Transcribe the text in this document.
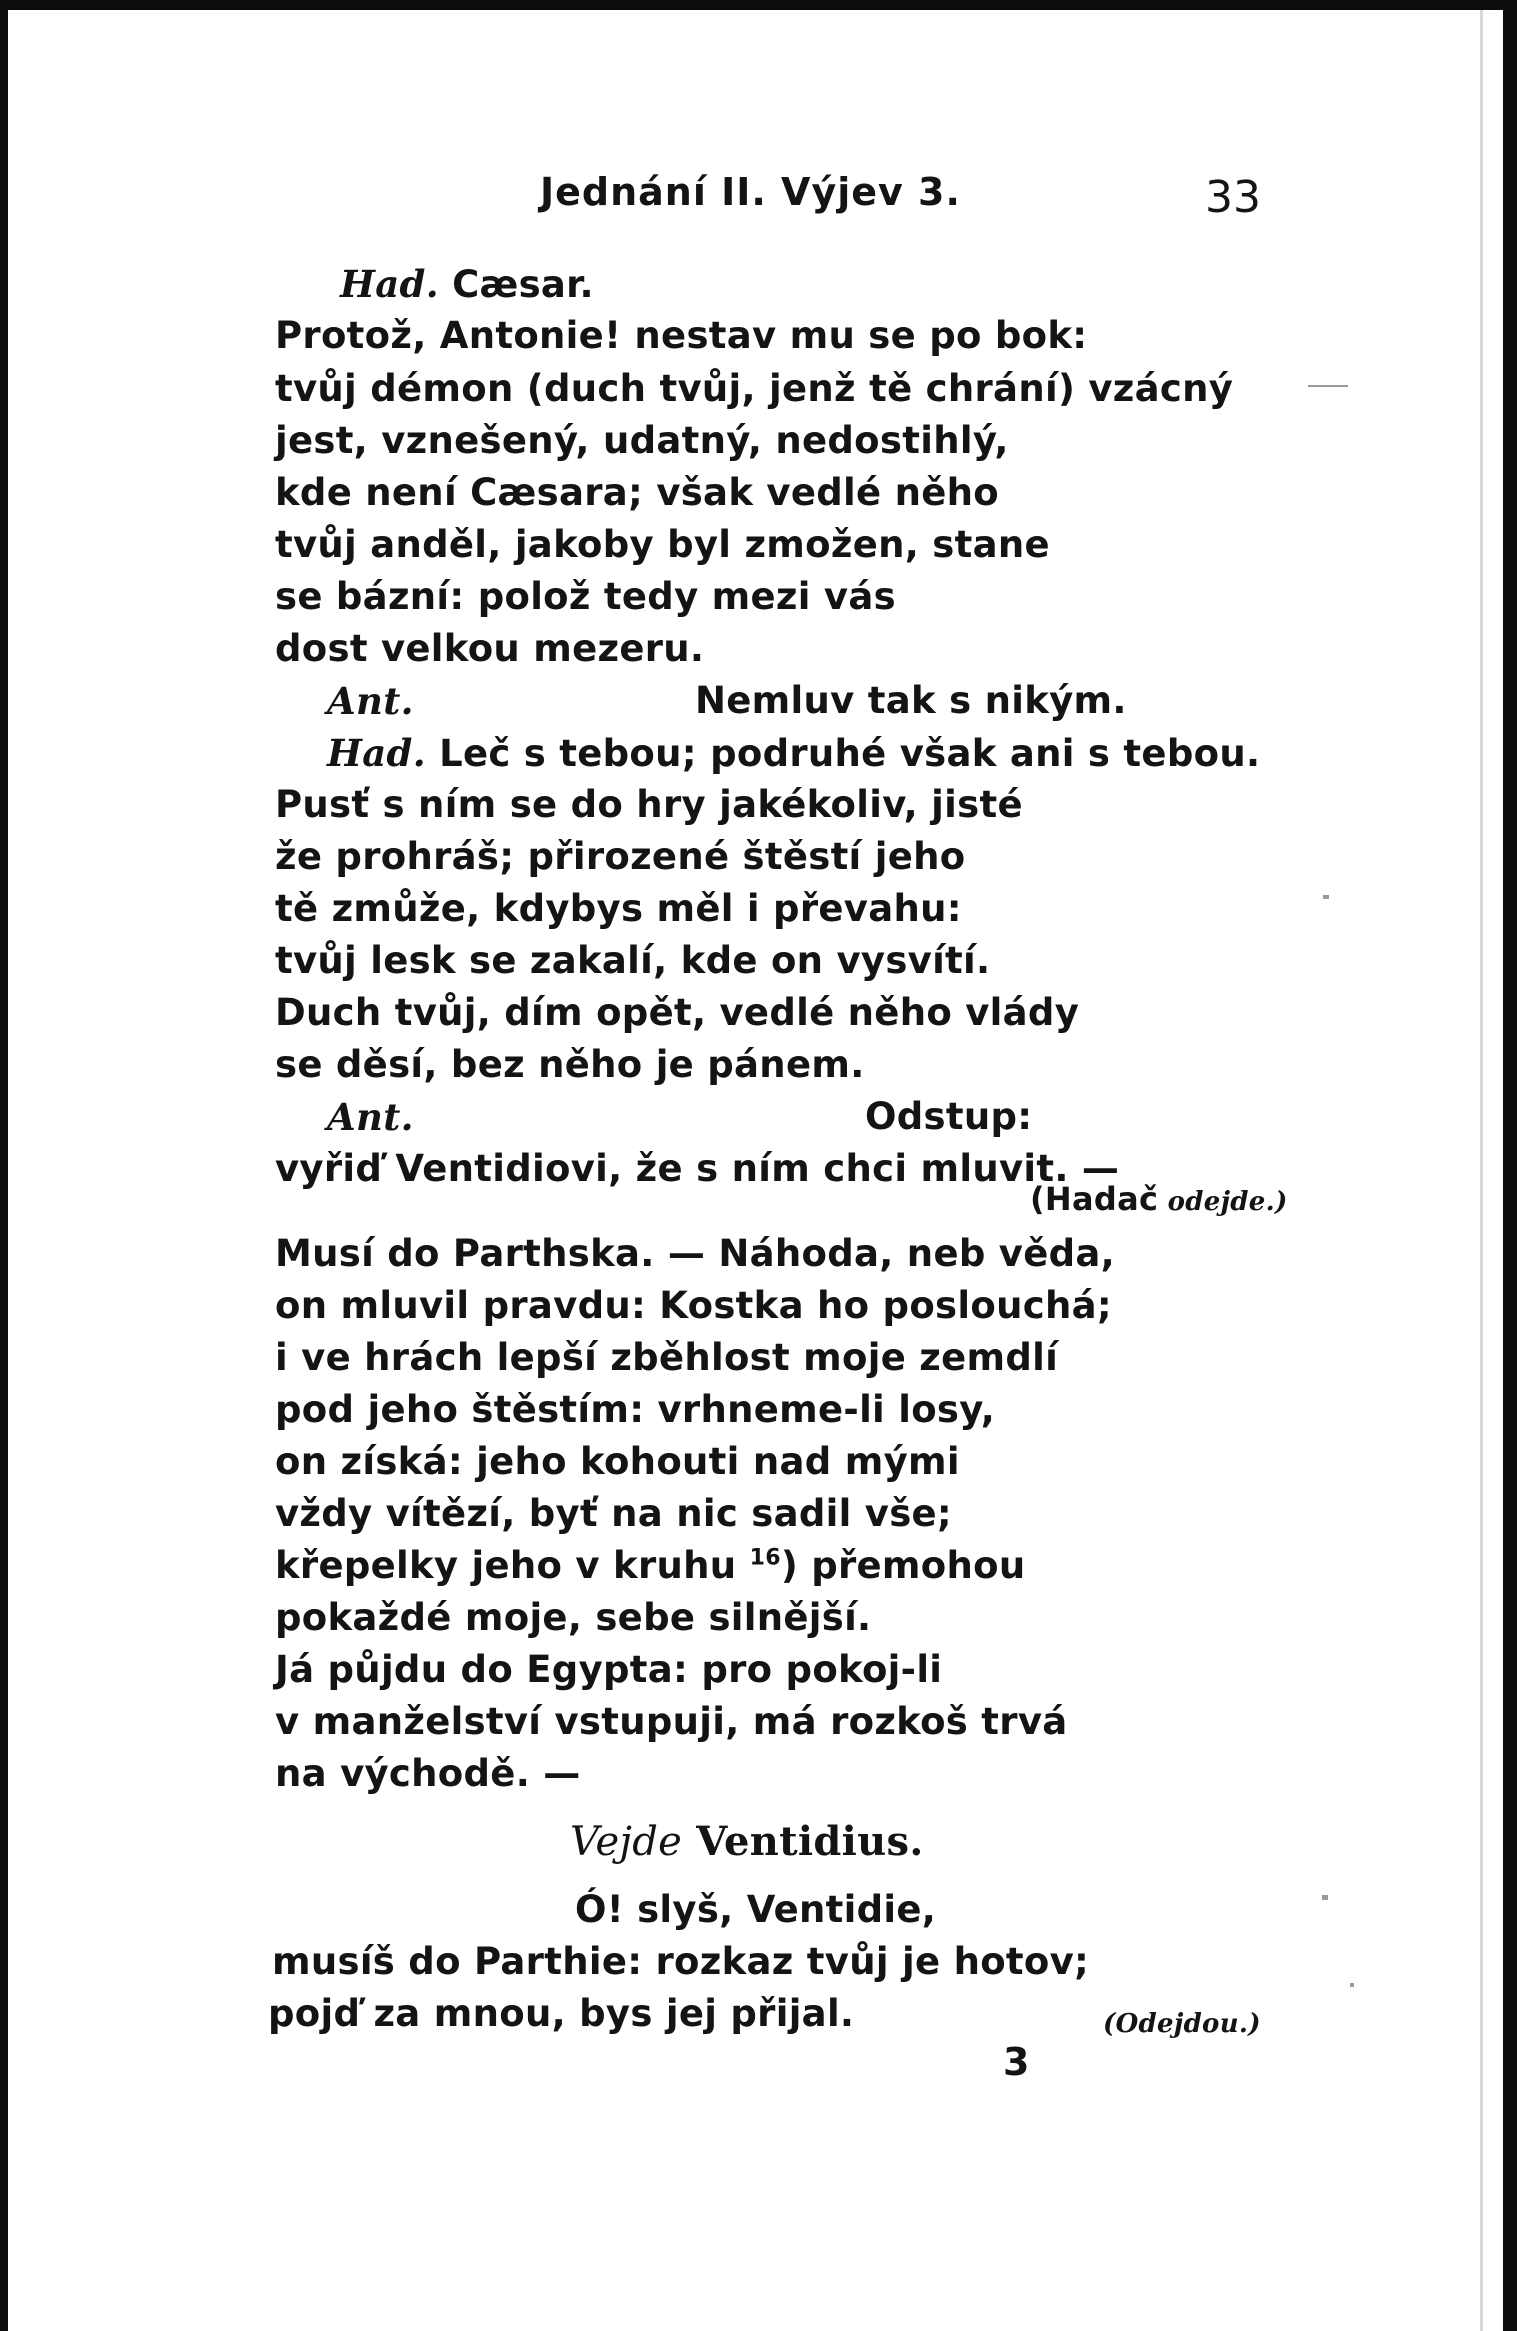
Jednání II. Výjev 3.	33
Had. Cæsar.
Protož, Antonie! nestav mu se po bok:
tvůj démon (duch tvůj, jenž tě chrání) vzácný
jest, vznešený, udatný, nedostihlý,
kde není Cæsara; však vedlé něho
tvůj anděl, jakoby byl zmožen, stane
se bázní: polož tedy mezi vás
dost velkou mezeru.
Ant.	Nemluv tak s nikým.
Had. Leč s tebou; podruhé však ani s tebou.
Pusť s ním se do hry jakékoliv, jisté
že prohráš; přirozené štěstí jeho
tě zmůže, kdybys měl i převahu:
tvůj lesk se zakalí, kde on vysvítí.
Duch tvůj, dím opět, vedlé něho vlády
se děsí, bez něho je pánem.
Ant.	Odstup:
vyřiď Ventidiovi, že s ním chci mluvit. —
(Hadač odejde.)
Musí do Parthska. — Náhoda, neb věda,
on mluvil pravdu: Kostka ho poslouchá;
i ve hrách lepší zběhlost moje zemdlí
pod jeho štěstím: vrhneme-li losy,
on získá: jeho kohouti nad mými
vždy vítězí, byť na nic sadil vše;
křepelky jeho v kruhu $^{16}$) přemohou
pokaždé moje, sebe silnější.
Já půjdu do Egypta: pro pokoj-li
v manželství vstupuji, má rozkoš trvá
na východě. —
Vejde Ventidius.
Ó! slyš, Ventidie,
musíš do Parthie: rozkaz tvůj je hotov;
pojď za mnou, bys jej přijal.	(Odejdou.)
3
